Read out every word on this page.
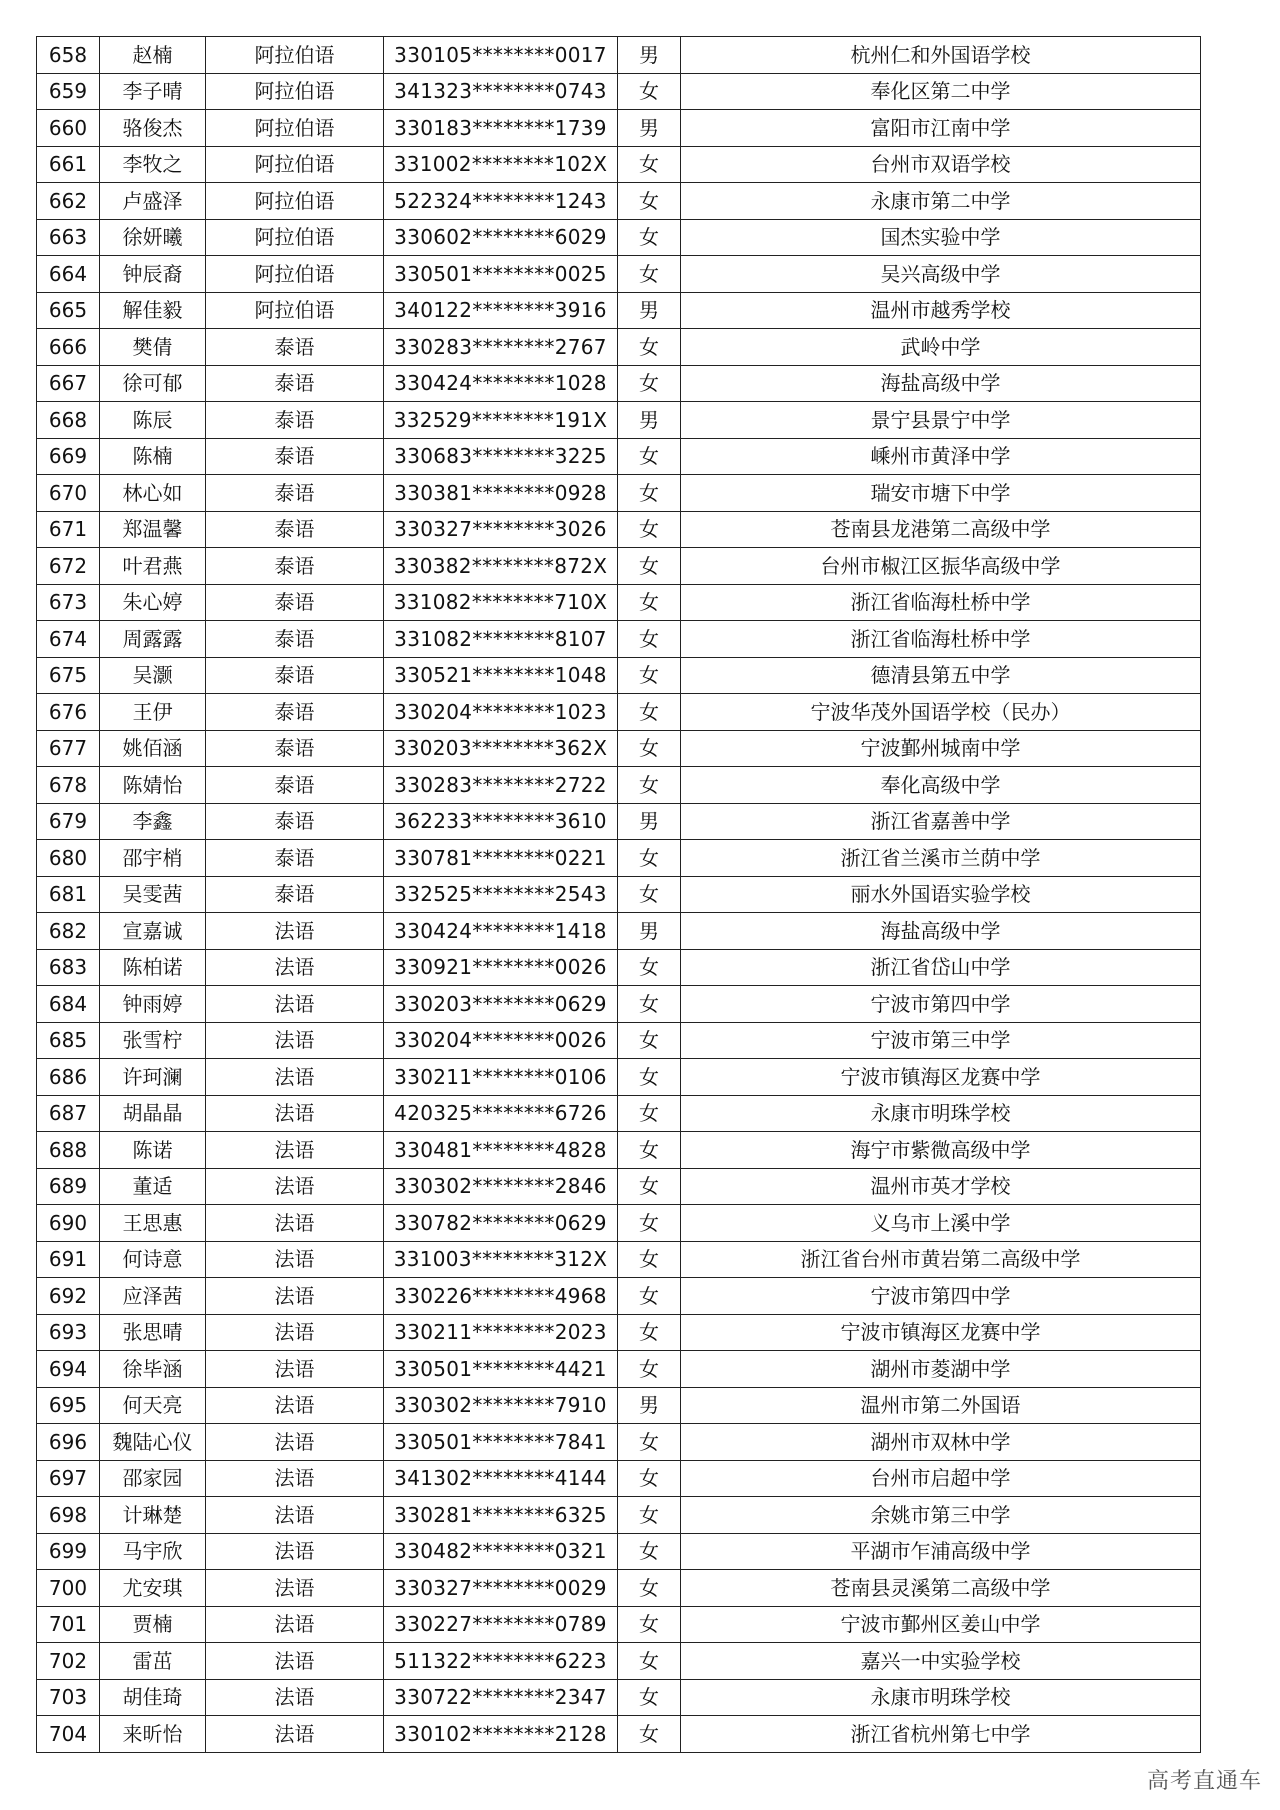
658	赵楠	阿拉伯语	330105********0017	男	杭州仁和外国语学校
659	李子晴	阿拉伯语	341323********0743	女	奉化区第二中学
660	骆俊杰	阿拉伯语	330183********1739	男	富阳市江南中学
661	李牧之	阿拉伯语	331002********102X	女	台州市双语学校
662	卢盛泽	阿拉伯语	522324********1243	女	永康市第二中学
663	徐妍曦	阿拉伯语	330602********6029	女	国杰实验中学
664	钟辰裔	阿拉伯语	330501********0025	女	吴兴高级中学
665	解佳毅	阿拉伯语	340122********3916	男	温州市越秀学校
666	樊倩	泰语	330283********2767	女	武岭中学
667	徐可郁	泰语	330424********1028	女	海盐高级中学
668	陈辰	泰语	332529********191X	男	景宁县景宁中学
669	陈楠	泰语	330683********3225	女	嵊州市黄泽中学
670	林心如	泰语	330381********0928	女	瑞安市塘下中学
671	郑温馨	泰语	330327********3026	女	苍南县龙港第二高级中学
672	叶君燕	泰语	330382********872X	女	台州市椒江区振华高级中学
673	朱心婷	泰语	331082********710X	女	浙江省临海杜桥中学
674	周露露	泰语	331082********8107	女	浙江省临海杜桥中学
675	吴灏	泰语	330521********1048	女	德清县第五中学
676	王伊	泰语	330204********1023	女	宁波华茂外国语学校（民办）
677	姚佰涵	泰语	330203********362X	女	宁波鄞州城南中学
678	陈婧怡	泰语	330283********2722	女	奉化高级中学
679	李鑫	泰语	362233********3610	男	浙江省嘉善中学
680	邵宇梢	泰语	330781********0221	女	浙江省兰溪市兰荫中学
681	吴雯茜	泰语	332525********2543	女	丽水外国语实验学校
682	宣嘉诚	法语	330424********1418	男	海盐高级中学
683	陈柏诺	法语	330921********0026	女	浙江省岱山中学
684	钟雨婷	法语	330203********0629	女	宁波市第四中学
685	张雪柠	法语	330204********0026	女	宁波市第三中学
686	许珂澜	法语	330211********0106	女	宁波市镇海区龙赛中学
687	胡晶晶	法语	420325********6726	女	永康市明珠学校
688	陈诺	法语	330481********4828	女	海宁市紫微高级中学
689	董适	法语	330302********2846	女	温州市英才学校
690	王思惠	法语	330782********0629	女	义乌市上溪中学
691	何诗意	法语	331003********312X	女	浙江省台州市黄岩第二高级中学
692	应泽茜	法语	330226********4968	女	宁波市第四中学
693	张思晴	法语	330211********2023	女	宁波市镇海区龙赛中学
694	徐毕涵	法语	330501********4421	女	湖州市菱湖中学
695	何天亮	法语	330302********7910	男	温州市第二外国语
696	魏陆心仪	法语	330501********7841	女	湖州市双林中学
697	邵家园	法语	341302********4144	女	台州市启超中学
698	计琳楚	法语	330281********6325	女	余姚市第三中学
699	马宇欣	法语	330482********0321	女	平湖市乍浦高级中学
700	尤安琪	法语	330327********0029	女	苍南县灵溪第二高级中学
701	贾楠	法语	330227********0789	女	宁波市鄞州区姜山中学
702	雷茁	法语	511322********6223	女	嘉兴一中实验学校
703	胡佳琦	法语	330722********2347	女	永康市明珠学校
704	来昕怡	法语	330102********2128	女	浙江省杭州第七中学
高考直通车
